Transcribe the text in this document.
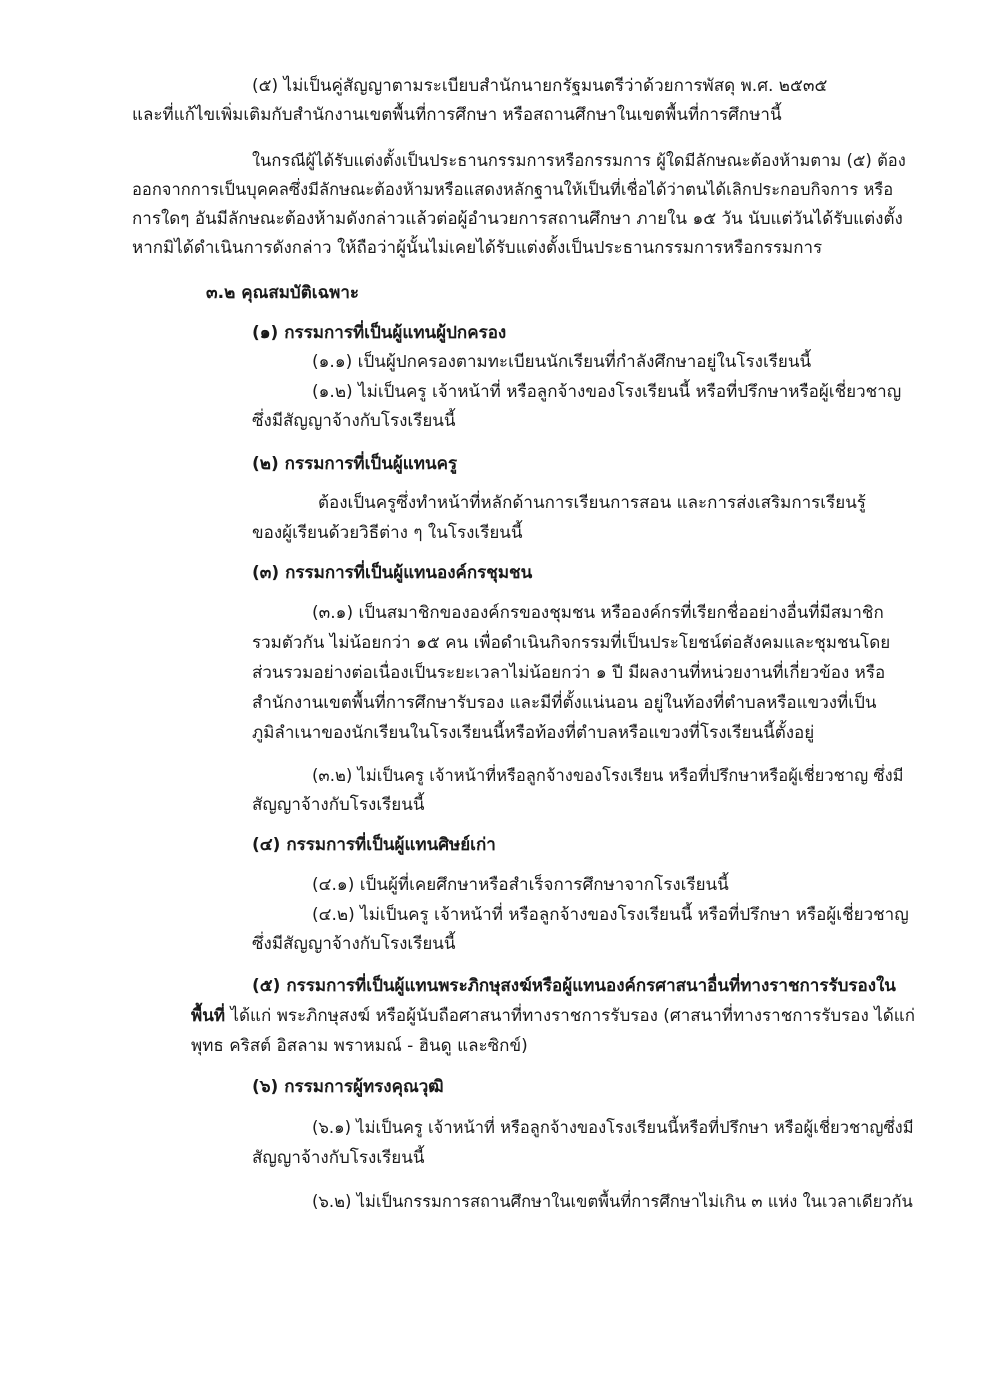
(๕) ไม่เป็นคู่สัญญาตามระเบียบสำนักนายกรัฐมนตรีว่าด้วยการพัสดุ พ.ศ. ๒๕๓๕
และที่แก้ไขเพิ่มเติมกับสำนักงานเขตพื้นที่การศึกษา หรือสถานศึกษาในเขตพื้นที่การศึกษานี้
ในกรณีผู้ได้รับแต่งตั้งเป็นประธานกรรมการหรือกรรมการ ผู้ใดมีลักษณะต้องห้ามตาม (๕) ต้อง
ออกจากการเป็นบุคคลซึ่งมีลักษณะต้องห้ามหรือแสดงหลักฐานให้เป็นที่เชื่อได้ว่าตนได้เลิกประกอบกิจการ หรือ
การใดๆ อันมีลักษณะต้องห้ามดังกล่าวแล้วต่อผู้อำนวยการสถานศึกษา ภายใน ๑๕ วัน นับแต่วันได้รับแต่งตั้ง
หากมิได้ดำเนินการดังกล่าว ให้ถือว่าผู้นั้นไม่เคยได้รับแต่งตั้งเป็นประธานกรรมการหรือกรรมการ
๓.๒ คุณสมบัติเฉพาะ
(๑) กรรมการที่เป็นผู้แทนผู้ปกครอง
(๑.๑) เป็นผู้ปกครองตามทะเบียนนักเรียนที่กำลังศึกษาอยู่ในโรงเรียนนี้
(๑.๒) ไม่เป็นครู เจ้าหน้าที่ หรือลูกจ้างของโรงเรียนนี้ หรือที่ปรึกษาหรือผู้เชี่ยวชาญ
ซึ่งมีสัญญาจ้างกับโรงเรียนนี้
(๒) กรรมการที่เป็นผู้แทนครู
ต้องเป็นครูซึ่งทำหน้าที่หลักด้านการเรียนการสอน และการส่งเสริมการเรียนรู้
ของผู้เรียนด้วยวิธีต่าง ๆ ในโรงเรียนนี้
(๓) กรรมการที่เป็นผู้แทนองค์กรชุมชน
(๓.๑) เป็นสมาชิกขององค์กรของชุมชน หรือองค์กรที่เรียกชื่ออย่างอื่นที่มีสมาชิก
รวมตัวกัน ไม่น้อยกว่า ๑๕ คน เพื่อดำเนินกิจกรรมที่เป็นประโยชน์ต่อสังคมและชุมชนโดย
ส่วนรวมอย่างต่อเนื่องเป็นระยะเวลาไม่น้อยกว่า ๑ ปี มีผลงานที่หน่วยงานที่เกี่ยวข้อง หรือ
สำนักงานเขตพื้นที่การศึกษารับรอง และมีที่ตั้งแน่นอน อยู่ในท้องที่ตำบลหรือแขวงที่เป็น
ภูมิลำเนาของนักเรียนในโรงเรียนนี้หรือท้องที่ตำบลหรือแขวงที่โรงเรียนนี้ตั้งอยู่
(๓.๒) ไม่เป็นครู เจ้าหน้าที่หรือลูกจ้างของโรงเรียน หรือที่ปรึกษาหรือผู้เชี่ยวชาญ ซึ่งมี
สัญญาจ้างกับโรงเรียนนี้
(๔) กรรมการที่เป็นผู้แทนศิษย์เก่า
(๔.๑) เป็นผู้ที่เคยศึกษาหรือสำเร็จการศึกษาจากโรงเรียนนี้
(๔.๒) ไม่เป็นครู เจ้าหน้าที่ หรือลูกจ้างของโรงเรียนนี้ หรือที่ปรึกษา หรือผู้เชี่ยวชาญ
ซึ่งมีสัญญาจ้างกับโรงเรียนนี้
(๕) กรรมการที่เป็นผู้แทนพระภิกษุสงฆ์หรือผู้แทนองค์กรศาสนาอื่นที่ทางราชการรับรองใน
พื้นที่ ได้แก่ พระภิกษุสงฆ์ หรือผู้นับถือศาสนาที่ทางราชการรับรอง (ศาสนาที่ทางราชการรับรอง ได้แก่
พุทธ คริสต์ อิสลาม พราหมณ์ - ฮินดู และซิกข์)
(๖) กรรมการผู้ทรงคุณวุฒิ
(๖.๑) ไม่เป็นครู เจ้าหน้าที่ หรือลูกจ้างของโรงเรียนนี้หรือที่ปรึกษา หรือผู้เชี่ยวชาญซึ่งมี
สัญญาจ้างกับโรงเรียนนี้
(๖.๒) ไม่เป็นกรรมการสถานศึกษาในเขตพื้นที่การศึกษาไม่เกิน ๓ แห่ง ในเวลาเดียวกัน
